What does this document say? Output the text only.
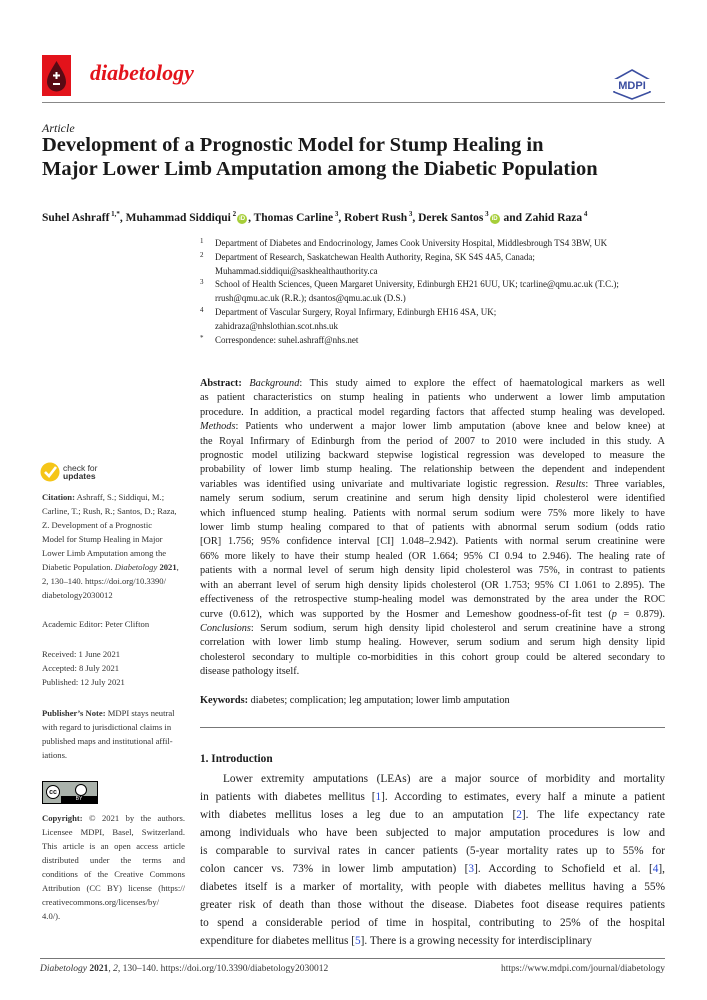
diabetology
MDPI
Article
Development of a Prognostic Model for Stump Healing in
Major Lower Limb Amputation among the Diabetic Population
Suhel Ashraff $^{1,*}$, Muhammad Siddiqui $^2$iD , Thomas Carline $^3$, Robert Rush $^3$, Derek Santos $^3$iD and Zahid Raza $^4$
1 Department of Diabetes and Endocrinology, James Cook University Hospital, Middlesbrough TS4 3BW, UK
2 Department of Research, Saskatchewan Health Authority, Regina, SK S4S 4A5, Canada;
Muhammad.siddiqui@saskhealthauthority.ca
3 School of Health Sciences, Queen Margaret University, Edinburgh EH21 6UU, UK; tcarline@qmu.ac.uk (T.C.);
rrush@qmu.ac.uk (R.R.); dsantos@qmu.ac.uk (D.S.)
4 Department of Vascular Surgery, Royal Infirmary, Edinburgh EH16 4SA, UK;
zahidraza@nhslothian.scot.nhs.uk
* Correspondence: suhel.ashraff@nhs.net
Abstract: Background: This study aimed to explore the effect of haematological markers as well
as patient characteristics on stump healing in patients who underwent a lower limb amputation
procedure. In addition, a practical model regarding factors that affected stump healing was developed.
Methods: Patients who underwent a major lower limb amputation (above knee and below knee) at
the Royal Infirmary of Edinburgh from the period of 2007 to 2010 were included in this study. A
prognostic model utilizing backward stepwise logistical regression was developed to measure the
probability of lower limb stump healing. The relationship between the dependent and independent
variables was identified using univariate and multivariate logistic regression. Results: Three variables,
namely serum sodium, serum creatinine and serum high density lipid cholesterol were identified
which influenced stump healing. Patients with normal serum sodium were 75% more likely to have
lower limb stump healing compared to that of patients with abnormal serum sodium (odds ratio
[OR] 1.756; 95% confidence interval [CI] 1.048–2.942). Patients with normal serum creatinine were
66% more likely to have their stump healed (OR 1.664; 95% CI 0.94 to 2.946). The healing rate of
patients with a normal level of serum high density lipid cholesterol was 75%, in contrast to patients
with an aberrant level of serum high density lipids cholesterol (OR 1.753; 95% CI 1.061 to 2.895). The
effectiveness of the retrospective stump-healing model was demonstrated by the area under the ROC
curve (0.612), which was supported by the Hosmer and Lemeshow goodness-of-fit test (p = 0.879).
Conclusions: Serum sodium, serum high density lipid cholesterol and serum creatinine have a strong
correlation with lower limb stump healing. However, serum sodium and serum high density lipid
cholesterol secondary to multiple co-morbidities in this cohort group could be altered secondary to
disease pathology itself.
Keywords: diabetes; complication; leg amputation; lower limb amputation
1. Introduction
Lower extremity amputations (LEAs) are a major source of morbidity and mortality
in patients with diabetes mellitus [1]. According to estimates, every half a minute a patient
with diabetes mellitus loses a leg due to an amputation [2]. The life expectancy rate
among individuals who have been subjected to major amputation procedures is low and
is comparable to survival rates in cancer patients (5-year mortality rates up to 55% for
colon cancer vs. 73% in lower limb amputation) [3]. According to Schofield et al. [4],
diabetes itself is a marker of mortality, with people with diabetes mellitus having a 55%
greater risk of death than those without the disease. Diabetes foot disease requires patients
to spend a considerable period of time in hospital, contributing to 25% of the hospital
expenditure for diabetes mellitus [5]. There is a growing necessity for interdisciplinary
check for
updates
Citation: Ashraff, S.; Siddiqui, M.;
Carline, T.; Rush, R.; Santos, D.; Raza,
Z. Development of a Prognostic
Model for Stump Healing in Major
Lower Limb Amputation among the
Diabetic Population. Diabetology 2021,
2, 130–140. https://doi.org/10.3390/
diabetology2030012
Academic Editor: Peter Clifton
Received: 1 June 2021
Accepted: 8 July 2021
Published: 12 July 2021
Publisher’s Note: MDPI stays neutral
with regard to jurisdictional claims in
published maps and institutional affil-
iations.
cc
BY
Copyright: © 2021 by the authors.
Licensee MDPI, Basel, Switzerland.
This article is an open access article
distributed under the terms and
conditions of the Creative Commons
Attribution (CC BY) license (https://
creativecommons.org/licenses/by/
4.0/).
Diabetology 2021, 2, 130–140. https://doi.org/10.3390/diabetology2030012	https://www.mdpi.com/journal/diabetology
